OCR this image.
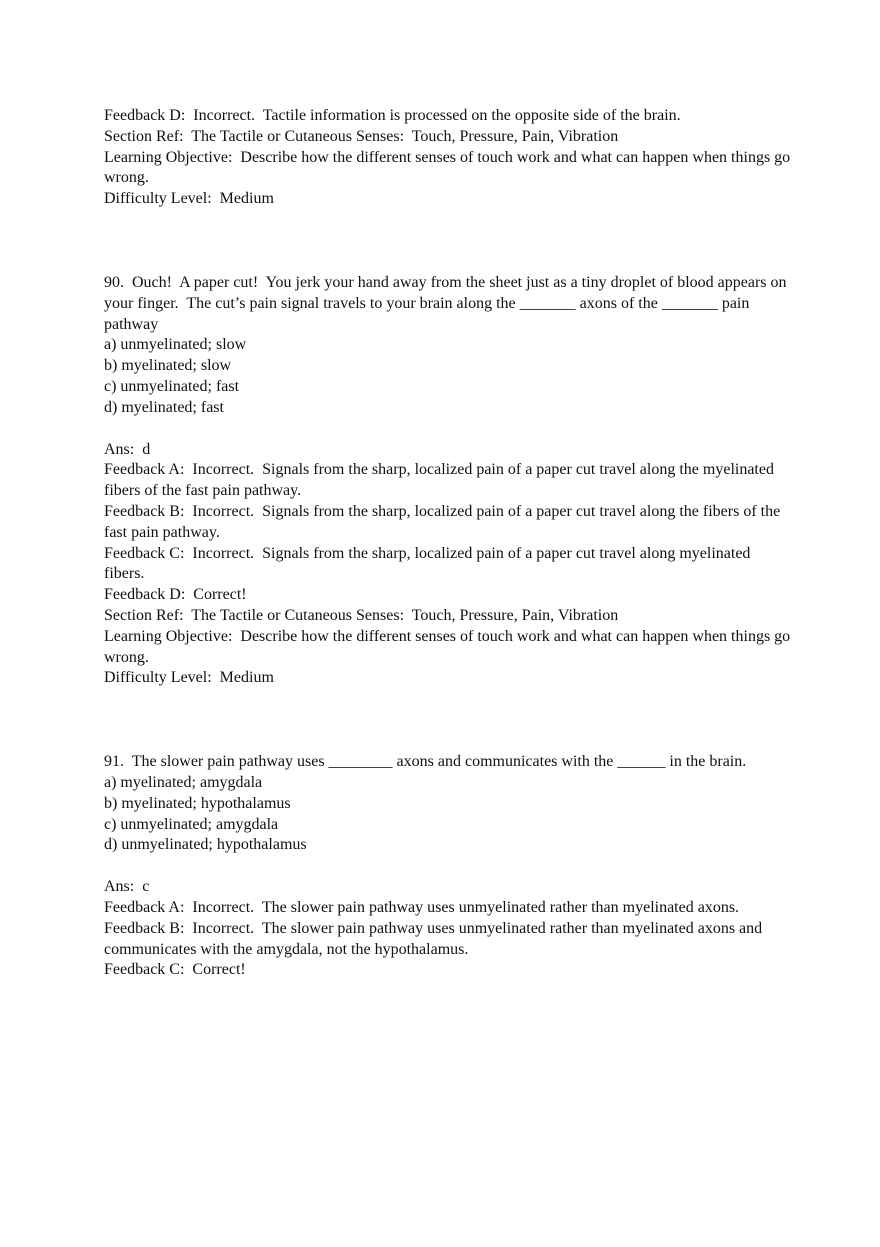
Feedback D:  Incorrect.  Tactile information is processed on the opposite side of the brain.

Section Ref:  The Tactile or Cutaneous Senses:  Touch, Pressure, Pain, Vibration

Learning Objective:  Describe how the different senses of touch work and what can happen when things go wrong.

Difficulty Level:  Medium

90.  Ouch!  A paper cut!  You jerk your hand away from the sheet just as a tiny droplet of blood appears on your finger.  The cut’s pain signal travels to your brain along the _______ axons of the _______ pain pathway

a) unmyelinated; slow

b) myelinated; slow

c) unmyelinated; fast

d) myelinated; fast

Ans:  d

Feedback A:  Incorrect.  Signals from the sharp, localized pain of a paper cut travel along the myelinated fibers of the fast pain pathway.

Feedback B:  Incorrect.  Signals from the sharp, localized pain of a paper cut travel along the fibers of the fast pain pathway.

Feedback C:  Incorrect.  Signals from the sharp, localized pain of a paper cut travel along myelinated fibers.

Feedback D:  Correct!

Section Ref:  The Tactile or Cutaneous Senses:  Touch, Pressure, Pain, Vibration

Learning Objective:  Describe how the different senses of touch work and what can happen when things go wrong.

Difficulty Level:  Medium

91.  The slower pain pathway uses ________ axons and communicates with the ______ in the brain.

a) myelinated; amygdala

b) myelinated; hypothalamus

c) unmyelinated; amygdala

d) unmyelinated; hypothalamus

Ans:  c

Feedback A:  Incorrect.  The slower pain pathway uses unmyelinated rather than myelinated axons.

Feedback B:  Incorrect.  The slower pain pathway uses unmyelinated rather than myelinated axons and communicates with the amygdala, not the hypothalamus.

Feedback C:  Correct!
